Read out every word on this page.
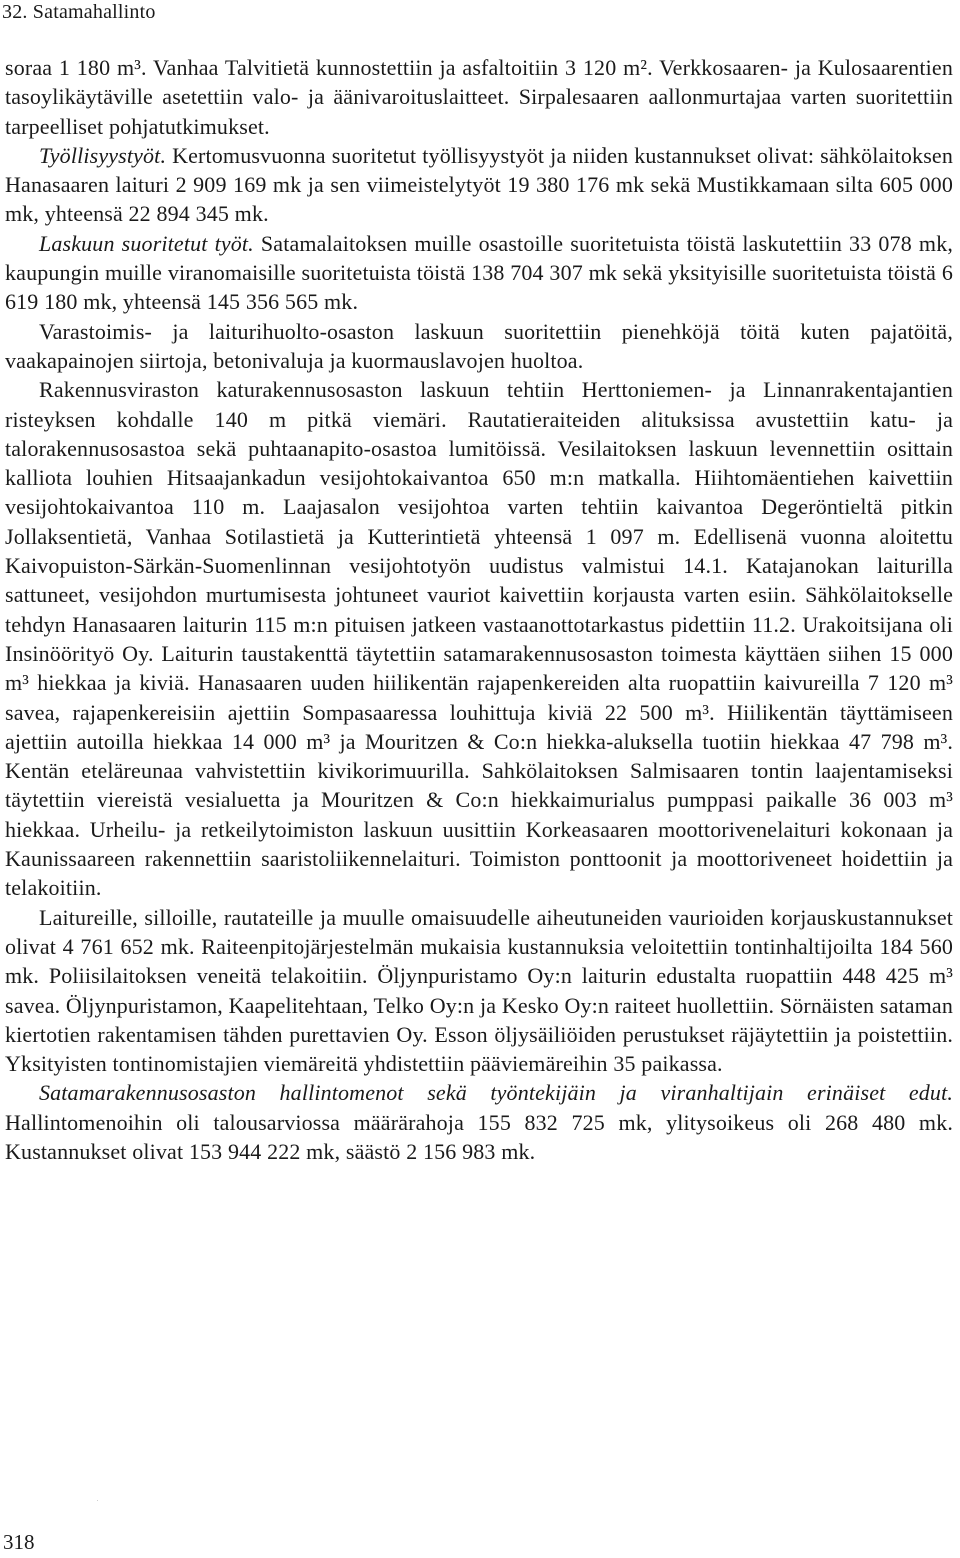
32. Satamahallinto

soraa 1 180 m³. Vanhaa Talvitietä kunnostettiin ja asfaltoitiin 3 120 m². Verkkosaaren- ja Kulosaarentien tasoylikäytäville asetettiin valo- ja äänivaroituslaitteet. Sirpalesaaren aallonmurtajaa varten suoritettiin tarpeelliset pohjatutkimukset.

Työllisyystyöt. Kertomusvuonna suoritetut työllisyystyöt ja niiden kustannukset olivat: sähkölaitoksen Hanasaaren laituri 2 909 169 mk ja sen viimeistelytyöt 19 380 176 mk sekä Mustikkamaan silta 605 000 mk, yhteensä 22 894 345 mk.

Laskuun suoritetut työt. Satamalaitoksen muille osastoille suoritetuista töistä laskutettiin 33 078 mk, kaupungin muille viranomaisille suoritetuista töistä 138 704 307 mk sekä yksityisille suoritetuista töistä 6 619 180 mk, yhteensä 145 356 565 mk.

Varastoimis- ja laiturihuolto-osaston laskuun suoritettiin pienehköjä töitä kuten pajatöitä, vaakapainojen siirtoja, betonivaluja ja kuormauslavojen huoltoa.

Rakennusviraston katurakennusosaston laskuun tehtiin Herttoniemen- ja Linnanrakentajantien risteyksen kohdalle 140 m pitkä viemäri. Rautatieraiteiden alituksissa avustettiin katu- ja talorakennusosastoa sekä puhtaanapito-osastoa lumitöissä. Vesilaitoksen laskuun levennettiin osittain kalliota louhien Hitsaajankadun vesijohtokaivantoa 650 m:n matkalla. Hiihtomäentiehen kaivettiin vesijohtokaivantoa 110 m. Laajasalon vesijohtoa varten tehtiin kaivantoa Degeröntieltä pitkin Jollaksentietä, Vanhaa Sotilastietä ja Kutterintietä yhteensä 1 097 m. Edellisenä vuonna aloitettu Kaivopuiston-Särkän-Suomenlinnan vesijohtotyön uudistus valmistui 14.1. Katajanokan laiturilla sattuneet, vesijohdon murtumisesta johtuneet vauriot kaivettiin korjausta varten esiin. Sähkölaitokselle tehdyn Hanasaaren laiturin 115 m:n pituisen jatkeen vastaanottotarkastus pidettiin 11.2. Urakoitsijana oli Insinöörityö Oy. Laiturin taustakenttä täytettiin satamarakennusosaston toimesta käyttäen siihen 15 000 m³ hiekkaa ja kiviä. Hanasaaren uuden hiilikentän rajapenkereiden alta ruopattiin kaivureilla 7 120 m³ savea, rajapenkereisiin ajettiin Sompasaaressa louhittuja kiviä 22 500 m³. Hiilikentän täyttämiseen ajettiin autoilla hiekkaa 14 000 m³ ja Mouritzen & Co:n hiekka-aluksella tuotiin hiekkaa 47 798 m³. Kentän eteläreunaa vahvistettiin kivikorimuurilla. Sahkölaitoksen Salmisaaren tontin laajentamiseksi täytettiin viereistä vesialuetta ja Mouritzen & Co:n hiekkaimurialus pumppasi paikalle 36 003 m³ hiekkaa. Urheilu- ja retkeilytoimiston laskuun uusittiin Korkeasaaren moottorivenelaituri kokonaan ja Kaunissaareen rakennettiin saaristoliikennelaituri. Toimiston ponttoonit ja moottoriveneet hoidettiin ja telakoitiin.

Laitureille, silloille, rautateille ja muulle omaisuudelle aiheutuneiden vaurioiden korjauskustannukset olivat 4 761 652 mk. Raiteenpitojärjestelmän mukaisia kustannuksia veloitettiin tontinhaltijoilta 184 560 mk. Poliisilaitoksen veneitä telakoitiin. Öljynpuristamo Oy:n laiturin edustalta ruopattiin 448 425 m³ savea. Öljynpuristamon, Kaapelitehtaan, Telko Oy:n ja Kesko Oy:n raiteet huollettiin. Sörnäisten sataman kiertotien rakentamisen tähden purettavien Oy. Esson öljysäiliöiden perustukset räjäytettiin ja poistettiin. Yksityisten tontinomistajien viemäreitä yhdistettiin pääviemäreihin 35 paikassa.

Satamarakennusosaston hallintomenot sekä työntekijäin ja viranhaltijain erinäiset edut. Hallintomenoihin oli talousarviossa määrärahoja 155 832 725 mk, ylitysoikeus oli 268 480 mk. Kustannukset olivat 153 944 222 mk, säästö 2 156 983 mk.

318
